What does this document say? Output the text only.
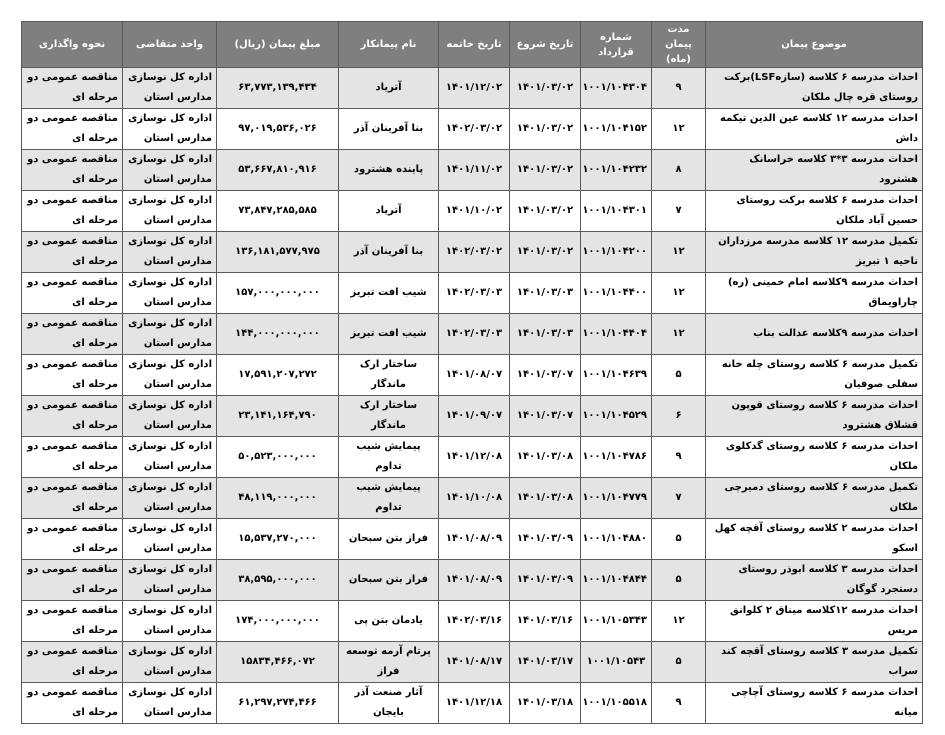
موضوع پیمان	مدت پیمان (ماه)	شماره قرارداد	تاریخ شروع	تاریخ خاتمه	نام پیمانکار	مبلغ پیمان (ریال)	واحد متقاضی	نحوه واگذاری
احداث مدرسه ۶ کلاسه (سازهLSF)برکت روستای قره چال ملکان	۹	۱۰۰۱/۱۰۴۳۰۴	۱۴۰۱/۰۳/۰۲	۱۴۰۱/۱۲/۰۲	آترياد	۶۳,۷۷۳,۱۳۹,۴۳۴	اداره کل نوسازی مدارس استان	مناقصه عمومی دو مرحله ای
احداث مدرسه ۱۲ کلاسه عین الدین تیکمه داش	۱۲	۱۰۰۱/۱۰۴۱۵۲	۱۴۰۱/۰۳/۰۲	۱۴۰۲/۰۳/۰۲	بنا آفرینان آذر	۹۷,۰۱۹,۵۳۶,۰۲۶	اداره کل نوسازی مدارس استان	مناقصه عمومی دو مرحله ای
احداث مدرسه ۳*۳ کلاسه خراسانک هشترود	۸	۱۰۰۱/۱۰۴۲۳۲	۱۴۰۱/۰۳/۰۲	۱۴۰۱/۱۱/۰۲	پاینده هشترود	۵۳,۶۶۷,۸۱۰,۹۱۶	اداره کل نوسازی مدارس استان	مناقصه عمومی دو مرحله ای
احداث مدرسه ۶ کلاسه برکت روستای حسین آباد ملکان	۷	۱۰۰۱/۱۰۴۳۰۱	۱۴۰۱/۰۳/۰۲	۱۴۰۱/۱۰/۰۲	آترياد	۷۳,۸۴۷,۲۸۵,۵۸۵	اداره کل نوسازی مدارس استان	مناقصه عمومی دو مرحله ای
تکمیل مدرسه ۱۲ کلاسه مدرسه مرزداران ناحیه ۱ تبریز	۱۲	۱۰۰۱/۱۰۴۲۰۰	۱۴۰۱/۰۳/۰۲	۱۴۰۲/۰۳/۰۲	بنا آفرینان آذر	۱۳۶,۱۸۱,۵۷۷,۹۷۵	اداره کل نوسازی مدارس استان	مناقصه عمومی دو مرحله ای
احداث مدرسه ۹کلاسه امام خمینی (ره) چاراویماق	۱۲	۱۰۰۱/۱۰۴۴۰۰	۱۴۰۱/۰۳/۰۳	۱۴۰۲/۰۳/۰۳	شیب افت تبریز	۱۵۷,۰۰۰,۰۰۰,۰۰۰	اداره کل نوسازی مدارس استان	مناقصه عمومی دو مرحله ای
احداث مدرسه ۹کلاسه عدالت بناب	۱۲	۱۰۰۱/۱۰۴۴۰۴	۱۴۰۱/۰۳/۰۳	۱۴۰۲/۰۳/۰۳	شیب افت تبریز	۱۴۴,۰۰۰,۰۰۰,۰۰۰	اداره کل نوسازی مدارس استان	مناقصه عمومی دو مرحله ای
تکمیل مدرسه ۶ کلاسه روستای چله خانه سفلی صوفیان	۵	۱۰۰۱/۱۰۴۶۳۹	۱۴۰۱/۰۳/۰۷	۱۴۰۱/۰۸/۰۷	ساختار ارک ماندگار	۱۷,۵۹۱,۲۰۷,۲۷۲	اداره کل نوسازی مدارس استان	مناقصه عمومی دو مرحله ای
احداث مدرسه ۶ کلاسه روستای قوپون قشلاق هشترود	۶	۱۰۰۱/۱۰۴۵۲۹	۱۴۰۱/۰۳/۰۷	۱۴۰۱/۰۹/۰۷	ساختار ارک ماندگار	۲۳,۱۴۱,۱۶۴,۷۹۰	اداره کل نوسازی مدارس استان	مناقصه عمومی دو مرحله ای
احداث مدرسه ۶ کلاسه روستای گدکلوی ملکان	۹	۱۰۰۱/۱۰۴۷۸۶	۱۴۰۱/۰۳/۰۸	۱۴۰۱/۱۲/۰۸	پیمایش شیب تداوم	۵۰,۵۲۳,۰۰۰,۰۰۰	اداره کل نوسازی مدارس استان	مناقصه عمومی دو مرحله ای
تکمیل مدرسه ۶ کلاسه روستای دمیرچی ملکان	۷	۱۰۰۱/۱۰۴۷۷۹	۱۴۰۱/۰۳/۰۸	۱۴۰۱/۱۰/۰۸	پیمایش شیب تداوم	۴۸,۱۱۹,۰۰۰,۰۰۰	اداره کل نوسازی مدارس استان	مناقصه عمومی دو مرحله ای
احداث مدرسه ۲ کلاسه روستای آقچه کهل اسکو	۵	۱۰۰۱/۱۰۴۸۸۰	۱۴۰۱/۰۳/۰۹	۱۴۰۱/۰۸/۰۹	فراز بتن سبحان	۱۵,۵۳۷,۲۷۰,۰۰۰	اداره کل نوسازی مدارس استان	مناقصه عمومی دو مرحله ای
احداث مدرسه ۳ کلاسه ابوذر روستای دستجرد گوگان	۵	۱۰۰۱/۱۰۴۸۴۴	۱۴۰۱/۰۳/۰۹	۱۴۰۱/۰۸/۰۹	فراز بتن سبحان	۳۸,۵۹۵,۰۰۰,۰۰۰	اداره کل نوسازی مدارس استان	مناقصه عمومی دو مرحله ای
احداث مدرسه ۱۲کلاسه میناق ۲ کلوانق مریس	۱۲	۱۰۰۱/۱۰۵۳۴۳	۱۴۰۱/۰۳/۱۶	۱۴۰۲/۰۳/۱۶	یادمان بتن پی	۱۷۴,۰۰۰,۰۰۰,۰۰۰	اداره کل نوسازی مدارس استان	مناقصه عمومی دو مرحله ای
تکمیل مدرسه ۳ کلاسه روستای آقچه کند سراب	۵	۱۰۰۱/۱۰۵۴۳	۱۴۰۱/۰۳/۱۷	۱۴۰۱/۰۸/۱۷	پرتام آرمه توسعه فراز	۱۵۸۳۴,۴۶۶,۰۷۲	اداره کل نوسازی مدارس استان	مناقصه عمومی دو مرحله ای
احداث مدرسه ۶ کلاسه روستای آچاچی میانه	۹	۱۰۰۱/۱۰۵۵۱۸	۱۴۰۱/۰۳/۱۸	۱۴۰۱/۱۲/۱۸	آثار صنعت آذر بایجان	۶۱,۲۹۷,۲۷۴,۴۶۶	اداره کل نوسازی مدارس استان	مناقصه عمومی دو مرحله ای
